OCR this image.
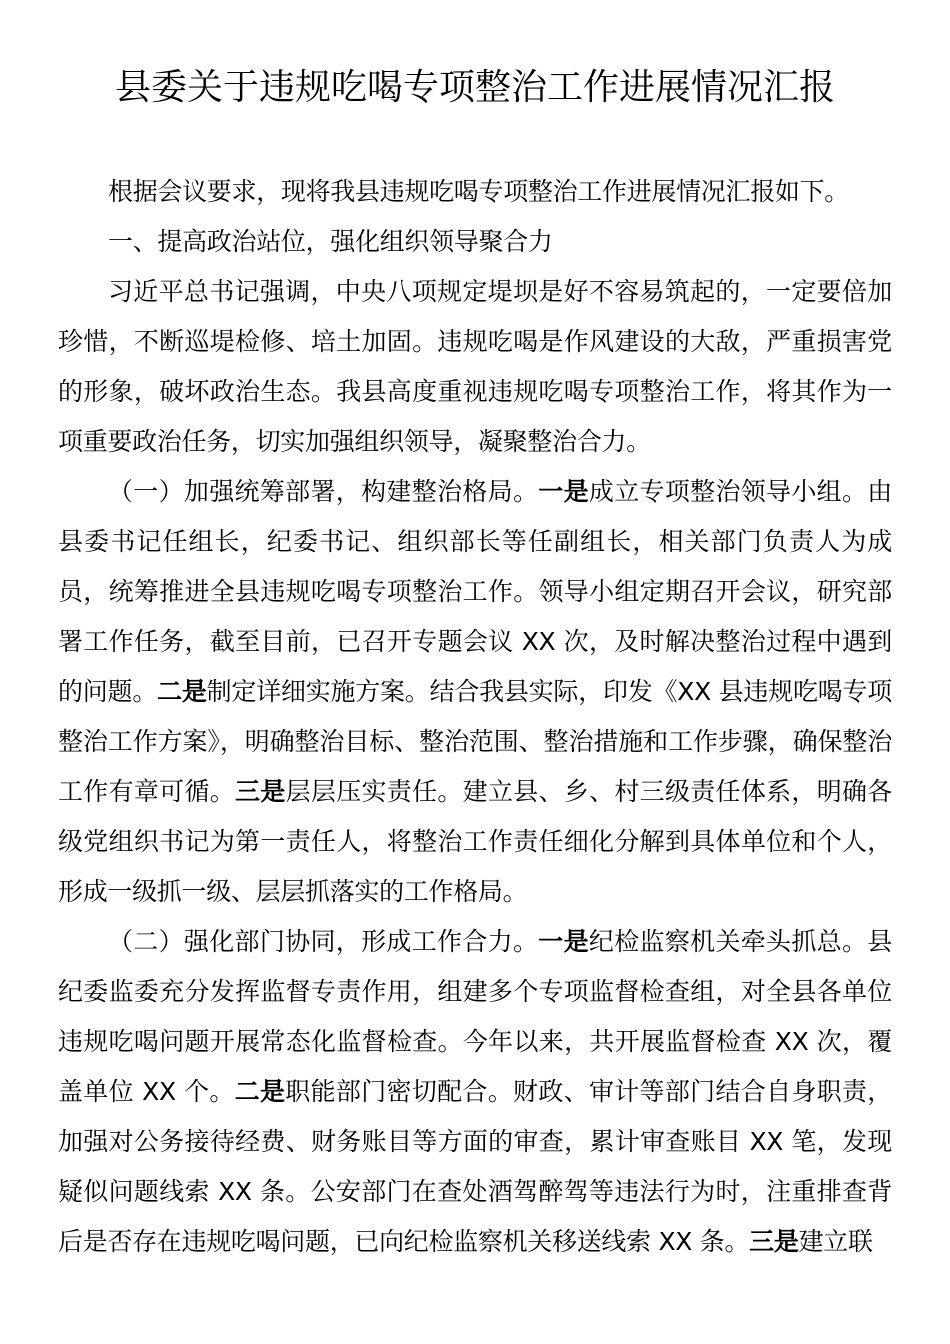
县委关于违规吃喝专项整治工作进展情况汇报

根据会议要求，现将我县违规吃喝专项整治工作进展情况汇报如下。

一、提高政治站位，强化组织领导聚合力

习近平总书记强调，中央八项规定堤坝是好不容易筑起的，一定要倍加珍惜，不断巡堤检修、培土加固。违规吃喝是作风建设的大敌，严重损害党的形象，破坏政治生态。我县高度重视违规吃喝专项整治工作，将其作为一项重要政治任务，切实加强组织领导，凝聚整治合力。

（一）加强统筹部署，构建整治格局。一是成立专项整治领导小组。由县委书记任组长，纪委书记、组织部长等任副组长，相关部门负责人为成员，统筹推进全县违规吃喝专项整治工作。领导小组定期召开会议，研究部署工作任务，截至目前，已召开专题会议 XX 次，及时解决整治过程中遇到的问题。二是制定详细实施方案。结合我县实际，印发《XX 县违规吃喝专项整治工作方案》，明确整治目标、整治范围、整治措施和工作步骤，确保整治工作有章可循。三是层层压实责任。建立县、乡、村三级责任体系，明确各级党组织书记为第一责任人，将整治工作责任细化分解到具体单位和个人，形成一级抓一级、层层抓落实的工作格局。

（二）强化部门协同，形成工作合力。一是纪检监察机关牵头抓总。县纪委监委充分发挥监督专责作用，组建多个专项监督检查组，对全县各单位违规吃喝问题开展常态化监督检查。今年以来，共开展监督检查 XX 次，覆盖单位 XX 个。二是职能部门密切配合。财政、审计等部门结合自身职责，加强对公务接待经费、财务账目等方面的审查，累计审查账目 XX 笔，发现疑似问题线索 XX 条。公安部门在查处酒驾醉驾等违法行为时，注重排查背后是否存在违规吃喝问题，已向纪检监察机关移送线索 XX 条。三是建立联
